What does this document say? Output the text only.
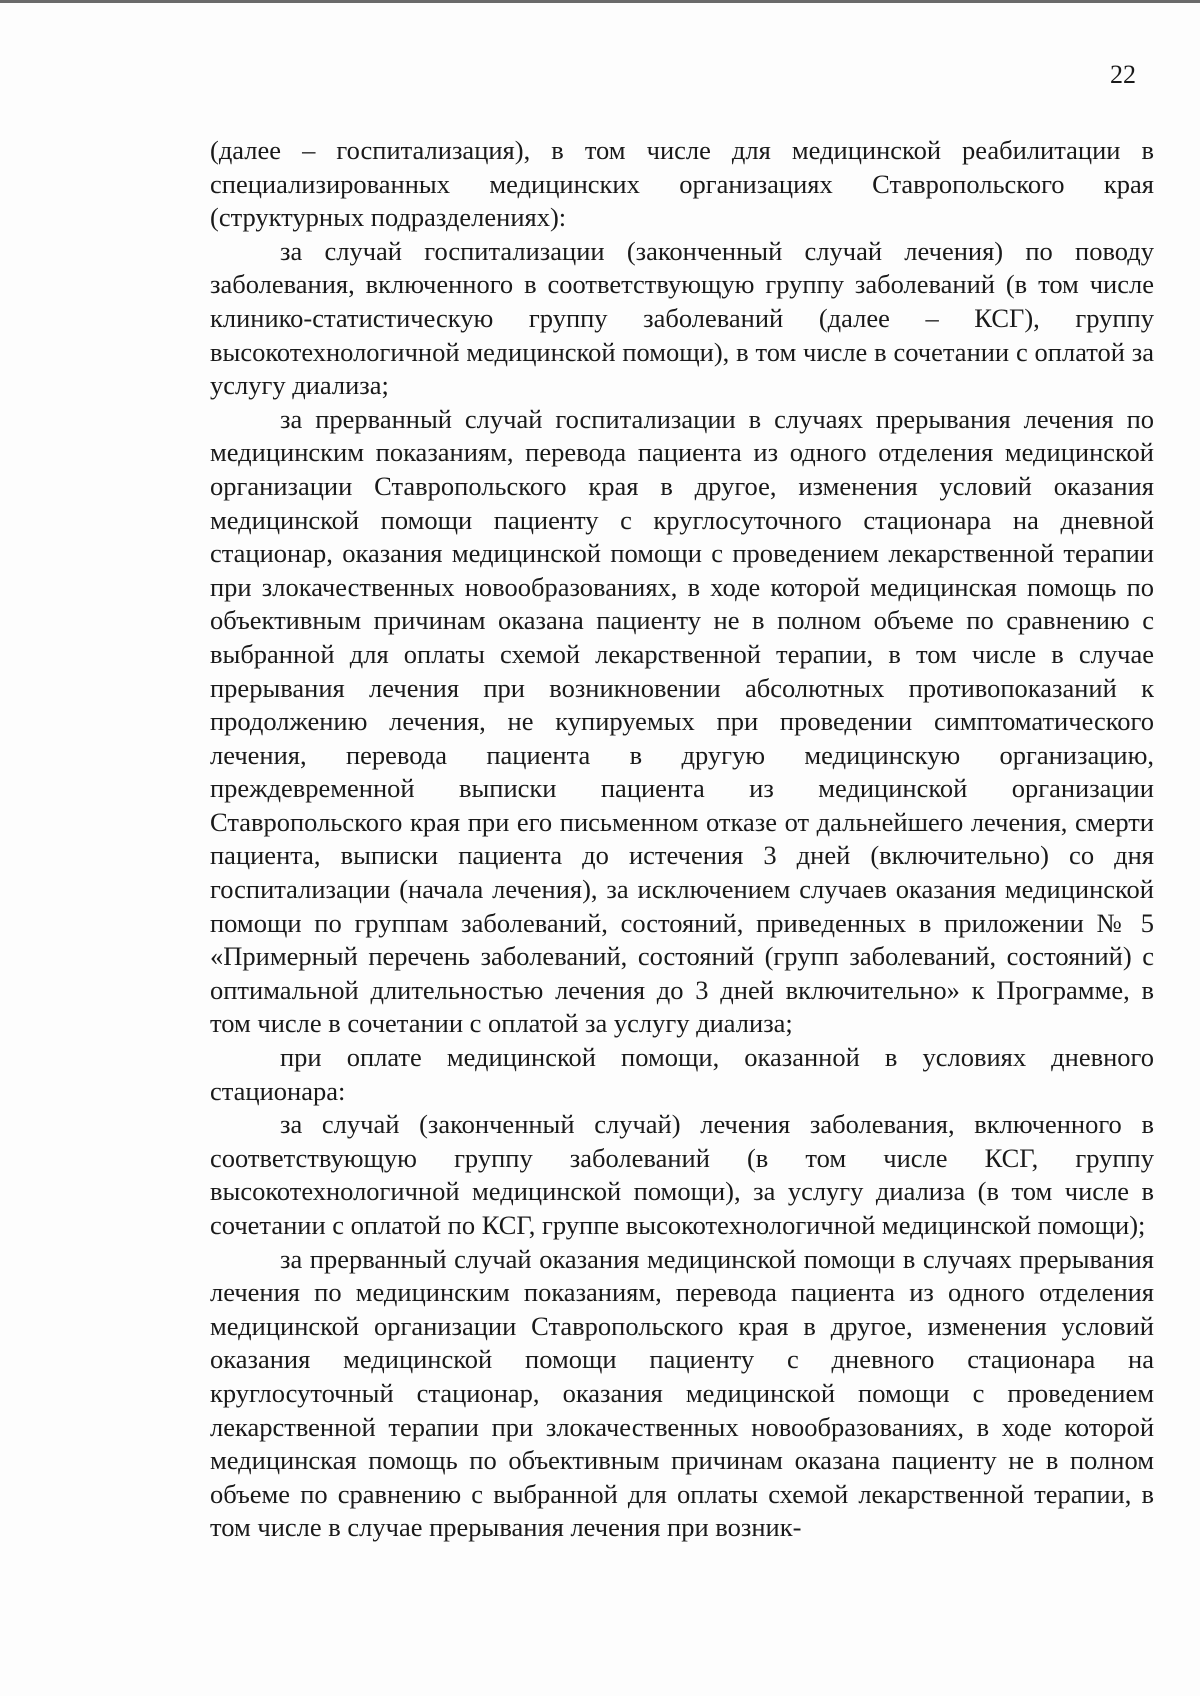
22

(далее – госпитализация), в том числе для медицинской реабилитации в специализированных медицинских организациях Ставропольского края (структурных подразделениях):

за случай госпитализации (законченный случай лечения) по поводу заболевания, включенного в соответствующую группу заболеваний (в том числе клинико-статистическую группу заболеваний (далее – КСГ), группу высокотехнологичной медицинской помощи), в том числе в сочетании с оплатой за услугу диализа;

за прерванный случай госпитализации в случаях прерывания лечения по медицинским показаниям, перевода пациента из одного отделения медицинской организации Ставропольского края в другое, изменения условий оказания медицинской помощи пациенту с круглосуточного стационара на дневной стационар, оказания медицинской помощи с проведением лекарственной терапии при злокачественных новообразованиях, в ходе которой медицинская помощь по объективным причинам оказана пациенту не в полном объеме по сравнению с выбранной для оплаты схемой лекарственной терапии, в том числе в случае прерывания лечения при возникновении абсолютных противопоказаний к продолжению лечения, не купируемых при проведении симптоматического лечения, перевода пациента в другую медицинскую организацию, преждевременной выписки пациента из медицинской организации Ставропольского края при его письменном отказе от дальнейшего лечения, смерти пациента, выписки пациента до истечения 3 дней (включительно) со дня госпитализации (начала лечения), за исключением случаев оказания медицинской помощи по группам заболеваний, состояний, приведенных в приложении № 5 «Примерный перечень заболеваний, состояний (групп заболеваний, состояний) с оптимальной длительностью лечения до 3 дней включительно» к Программе, в том числе в сочетании с оплатой за услугу диализа;

при оплате медицинской помощи, оказанной в условиях дневного стационара:

за случай (законченный случай) лечения заболевания, включенного в соответствующую группу заболеваний (в том числе КСГ, группу высокотехнологичной медицинской помощи), за услугу диализа (в том числе в сочетании с оплатой по КСГ, группе высокотехнологичной медицинской помощи);

за прерванный случай оказания медицинской помощи в случаях прерывания лечения по медицинским показаниям, перевода пациента из одного отделения медицинской организации Ставропольского края в другое, изменения условий оказания медицинской помощи пациенту с дневного стационара на круглосуточный стационар, оказания медицинской помощи с проведением лекарственной терапии при злокачественных новообразованиях, в ходе которой медицинская помощь по объективным причинам оказана пациенту не в полном объеме по сравнению с выбранной для оплаты схемой лекарственной терапии, в том числе в случае прерывания лечения при возник-
